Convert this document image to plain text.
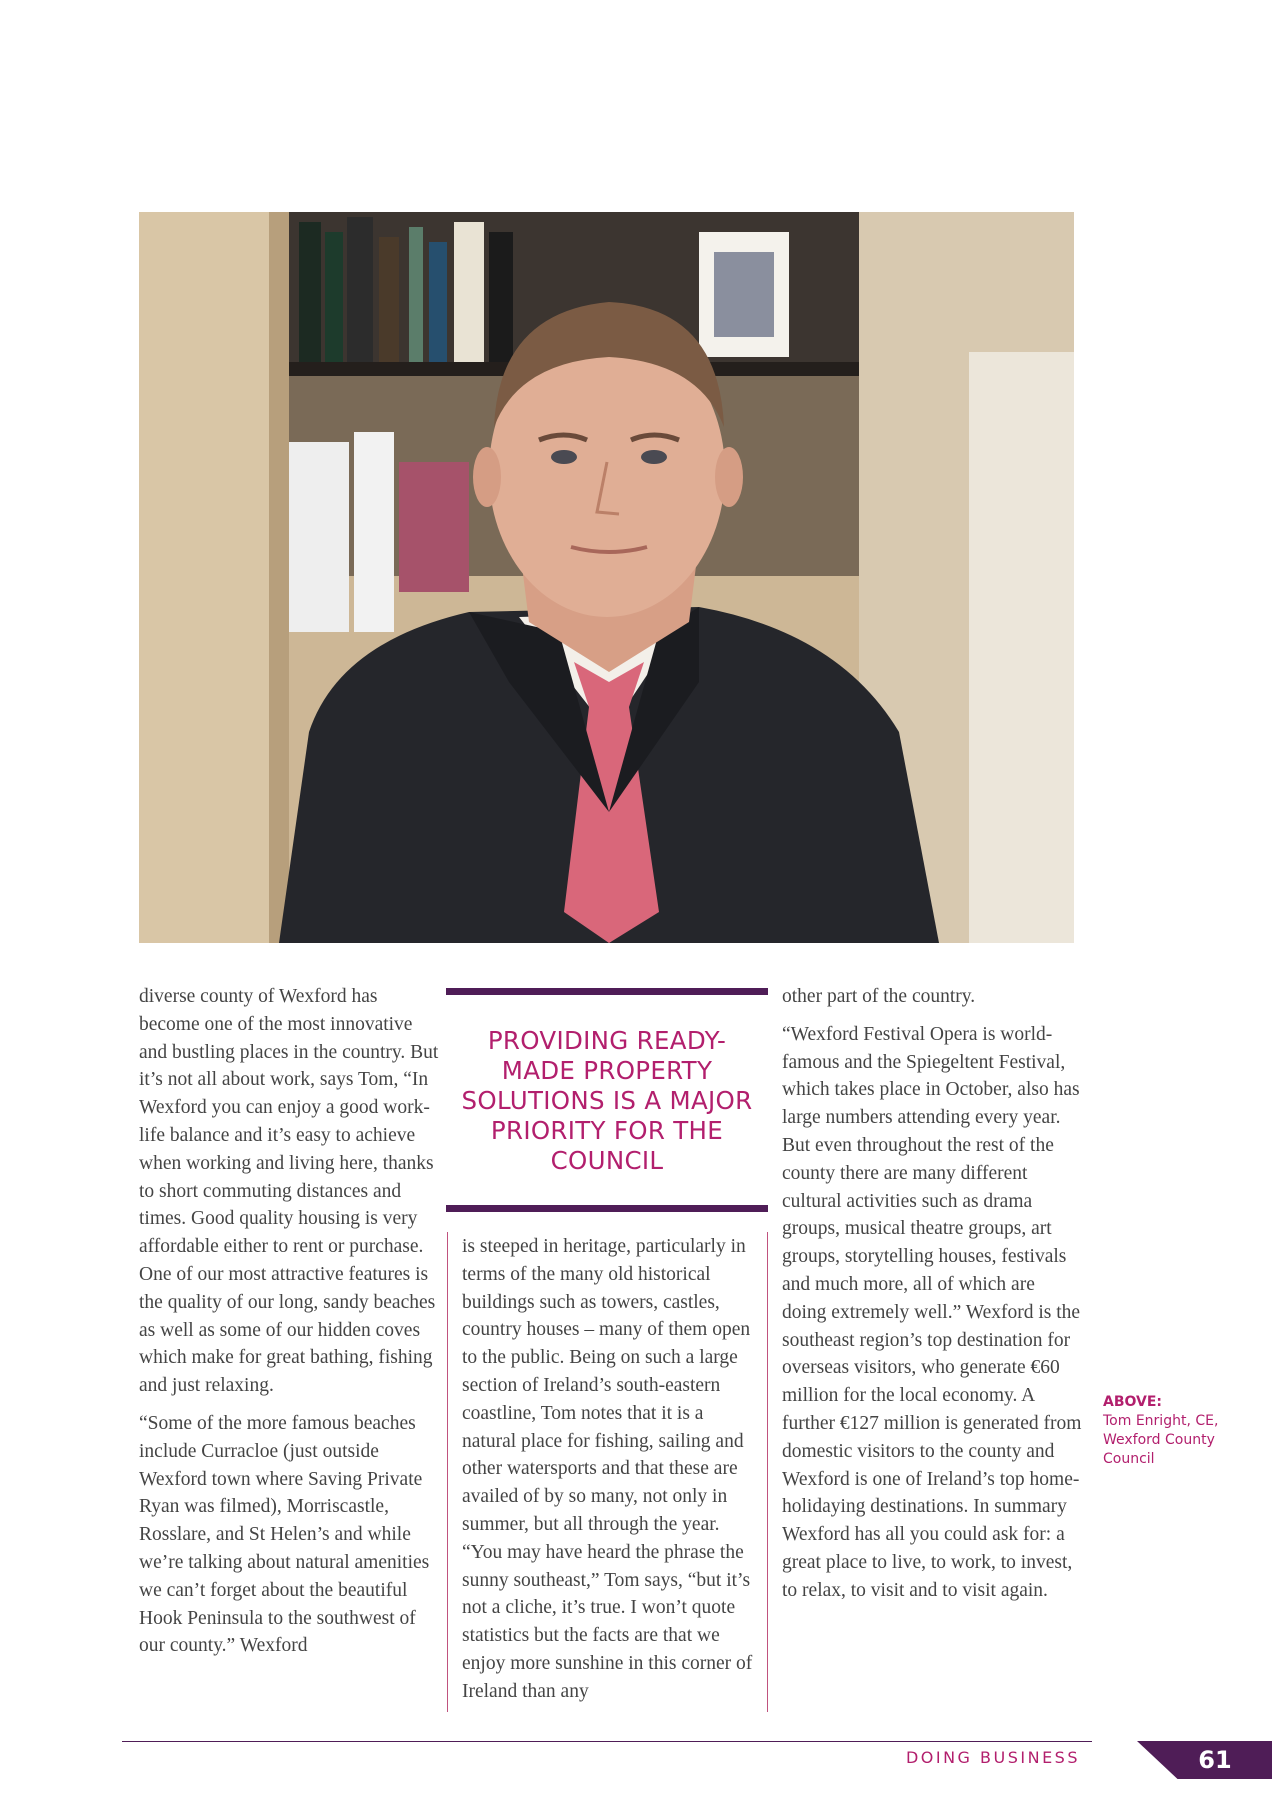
diverse county of Wexford has become one of the most innovative and bustling places in the country. But it’s not all about work, says Tom, “In Wexford you can enjoy a good work-life balance and it’s easy to achieve when working and living here, thanks to short commuting distances and times. Good quality housing is very affordable either to rent or purchase. One of our most attractive features is the quality of our long, sandy beaches as well as some of our hidden coves which make for great bathing, fishing and just relaxing.

“Some of the more famous beaches include Curracloe (just outside Wexford town where Saving Private Ryan was filmed), Morriscastle, Rosslare, and St Helen’s and while we’re talking about natural amenities we can’t forget about the beautiful Hook Peninsula to the southwest of our county.” Wexford

PROVIDING READY-MADE PROPERTY SOLUTIONS IS A MAJOR PRIORITY FOR THE COUNCIL

is steeped in heritage, particularly in terms of the many old historical buildings such as towers, castles, country houses – many of them open to the public. Being on such a large section of Ireland’s south-eastern coastline, Tom notes that it is a natural place for fishing, sailing and other watersports and that these are availed of by so many, not only in summer, but all through the year. “You may have heard the phrase the sunny southeast,” Tom says, “but it’s not a cliche, it’s true. I won’t quote statistics but the facts are that we enjoy more sunshine in this corner of Ireland than any

other part of the country.

“Wexford Festival Opera is world-famous and the Spiegeltent Festival, which takes place in October, also has large numbers attending every year. But even throughout the rest of the county there are many different cultural activities such as drama groups, musical theatre groups, art groups, storytelling houses, festivals and much more, all of which are doing extremely well.” Wexford is the southeast region’s top destination for overseas visitors, who generate €60 million for the local economy. A further €127 million is generated from domestic visitors to the county and Wexford is one of Ireland’s top home-holidaying destinations. In summary Wexford has all you could ask for: a great place to live, to work, to invest, to relax, to visit and to visit again.

ABOVE:
Tom Enright, CE, Wexford County Council
DOING BUSINESS	61
